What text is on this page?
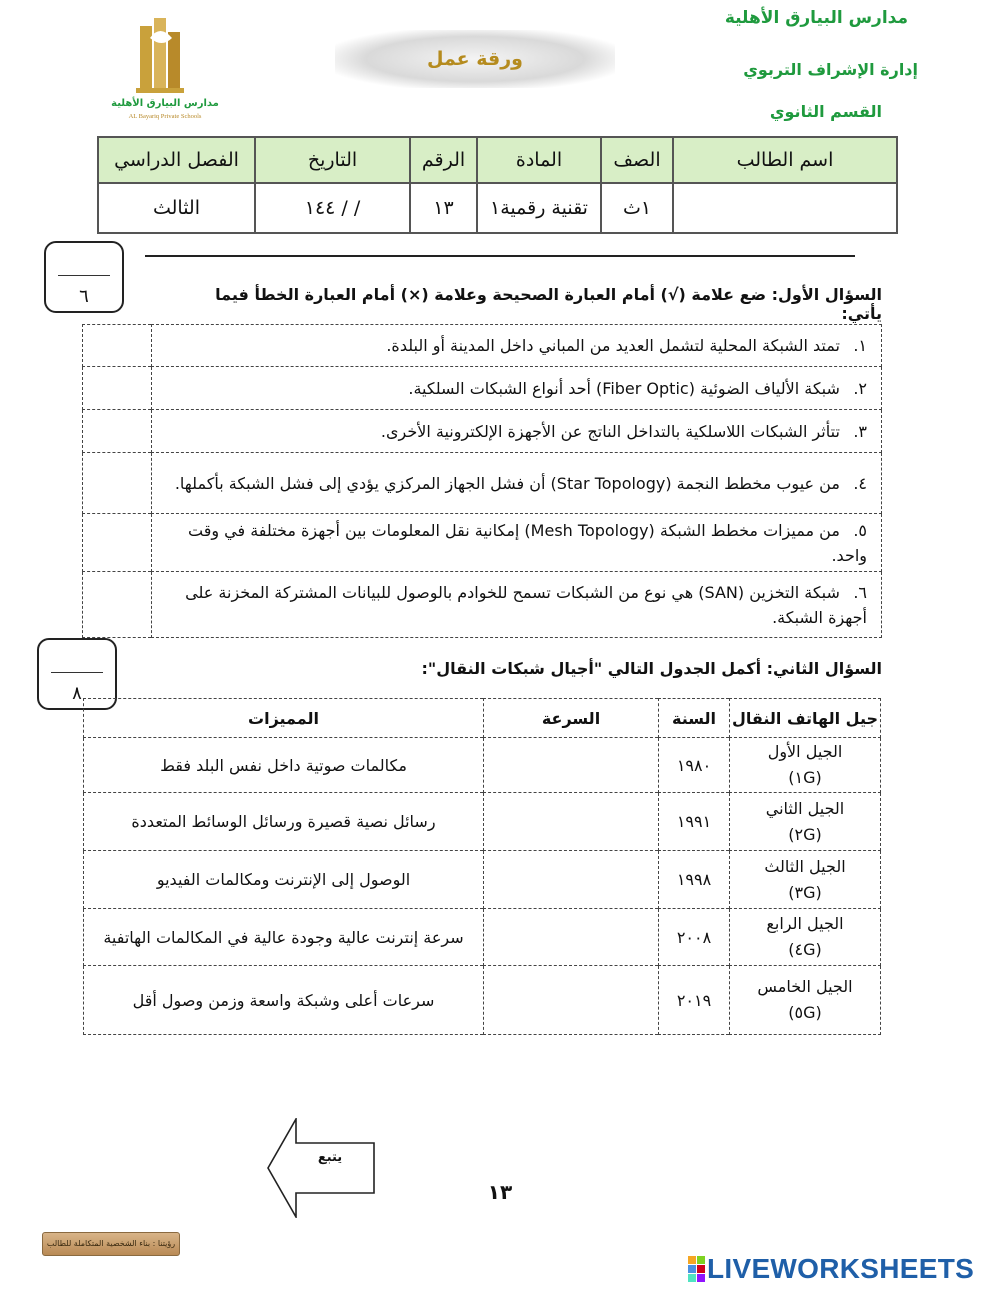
مدارس البيارق الأهلية
إدارة الإشراف التربوي
القسم الثانوي
ورقة عمل
مدارس البيارق الأهلية
AL Bayariq Private Schools
اسم الطالب	الصف	المادة	الرقم	التاريخ	الفصل الدراسي
	١ث	تقنية رقمية١	١٣	/ / ١٤٤	الثالث
٦	السؤال الأول: ضع علامة (√) أمام العبارة الصحيحة وعلامة (×) أمام العبارة الخطأ فيما يأتي:
١. تمتد الشبكة المحلية لتشمل العديد من المباني داخل المدينة أو البلدة.	
٢. شبكة الألياف الضوئية (Fiber Optic) أحد أنواع الشبكات السلكية.	
٣. تتأثر الشبكات اللاسلكية بالتداخل الناتج عن الأجهزة الإلكترونية الأخرى.	
٤. من عيوب مخطط النجمة (Star Topology) أن فشل الجهاز المركزي يؤدي إلى فشل الشبكة بأكملها.	
٥. من مميزات مخطط الشبكة (Mesh Topology) إمكانية نقل المعلومات بين أجهزة مختلفة في وقت واحد.	
٦. شبكة التخزين (SAN) هي نوع من الشبكات تسمح للخوادم بالوصول للبيانات المشتركة المخزنة على أجهزة الشبكة.	
٨
السؤال الثاني: أكمل الجدول التالي "أجيال شبكات النقال":
جيل الهاتف النقال	السنة	السرعة	المميزات

الجيل الأول
(١G)	١٩٨٠		مكالمات صوتية داخل نفس البلد فقط

الجيل الثاني
(٢G)	١٩٩١		رسائل نصية قصيرة ورسائل الوسائط المتعددة

الجيل الثالث
(٣G)	١٩٩٨		الوصول إلى الإنترنت ومكالمات الفيديو

الجيل الرابع
(٤G)	٢٠٠٨		سرعة إنترنت عالية وجودة عالية في المكالمات الهاتفية

الجيل الخامس
(٥G)	٢٠١٩		سرعات أعلى وشبكة واسعة وزمن وصول أقل
يتبع
١٣
رؤيتنا : بناء الشخصية المتكاملة للطالب
LIVEWORKSHEETS
